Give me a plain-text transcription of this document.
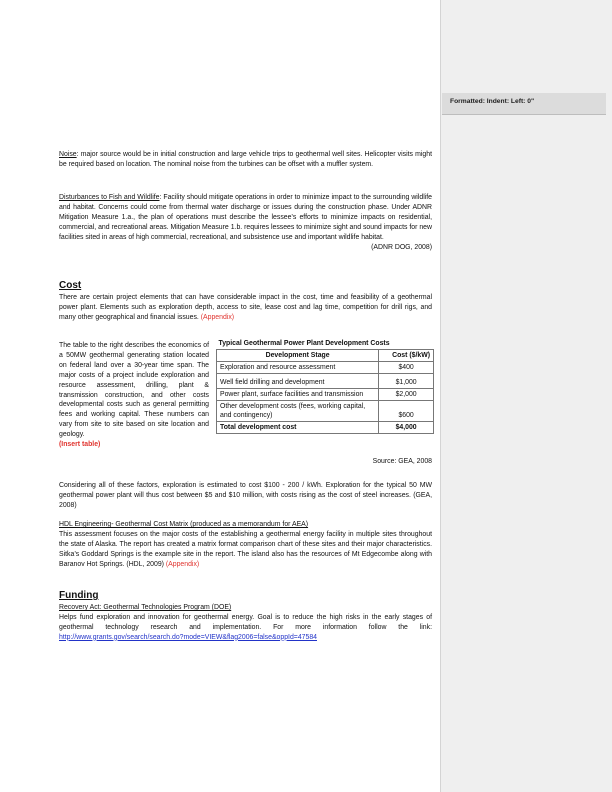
Formatted: Indent: Left: 0"
Noise: major source would be in initial construction and large vehicle trips to geothermal well sites. Helicopter visits might be required based on location. The nominal noise from the turbines can be offset with a muffler system.
Disturbances to Fish and Wildlife: Facility should mitigate operations in order to minimize impact to the surrounding wildlife and habitat. Concerns could come from thermal water discharge or issues during the construction phase. Under ADNR Mitigation Measure 1.a., the plan of operations must describe the lessee’s efforts to minimize impacts on residential, commercial, and recreational areas. Mitigation Measure 1.b. requires lessees to minimize sight and sound impacts for new facilities sited in areas of high commercial, recreational, and subsistence use and important wildlife habitat.
(ADNR DOG, 2008)
Cost
There are certain project elements that can have considerable impact in the cost, time and feasibility of a geothermal power plant. Elements such as exploration depth, access to site, lease cost and lag time, competition for drill rigs, and many other geographical and financial issues. (Appendix)
The table to the right describes the economics of a 50MW geothermal generating station located on federal land over a 30-year time span. The major costs of a project include exploration and resource assessment, drilling, plant & transmission construction, and other costs developmental costs such as general permitting fees and working capital. These numbers can vary from site to site based on site location and geology.
(Insert table)
Typical Geothermal Power Plant Development Costs	
Development Stage	Cost ($/kW)
Exploration and resource assessment	$400
Well field drilling and development	$1,000
Power plant, surface facilities and transmission	$2,000
Other development costs (fees, working capital, and contingency)	$600
Total development cost	$4,000
Source: GEA, 2008
Considering all of these factors, exploration is estimated to cost $100 - 200 / kWh. Exploration for the typical 50 MW geothermal power plant will thus cost between $5 and $10 million, with costs rising as the cost of steel increases. (GEA, 2008)
HDL Engineering- Geothermal Cost Matrix (produced as a memorandum for AEA)
This assessment focuses on the major costs of the establishing a geothermal energy facility in multiple sites throughout the state of Alaska. The report has created a matrix format comparison chart of these sites and their major characteristics. Sitka’s Goddard Springs is the example site in the report. The island also has the resources of Mt Edgecombe along with Baranov Hot Springs. (HDL, 2009) (Appendix)
Funding
Recovery Act: Geothermal Technologies Program (DOE)
Helps fund exploration and innovation for geothermal energy. Goal is to reduce the high risks in the early stages of geothermal technology research and implementation. For more information follow the link: http://www.grants.gov/search/search.do?mode=VIEW&flag2006=false&oppId=47584
